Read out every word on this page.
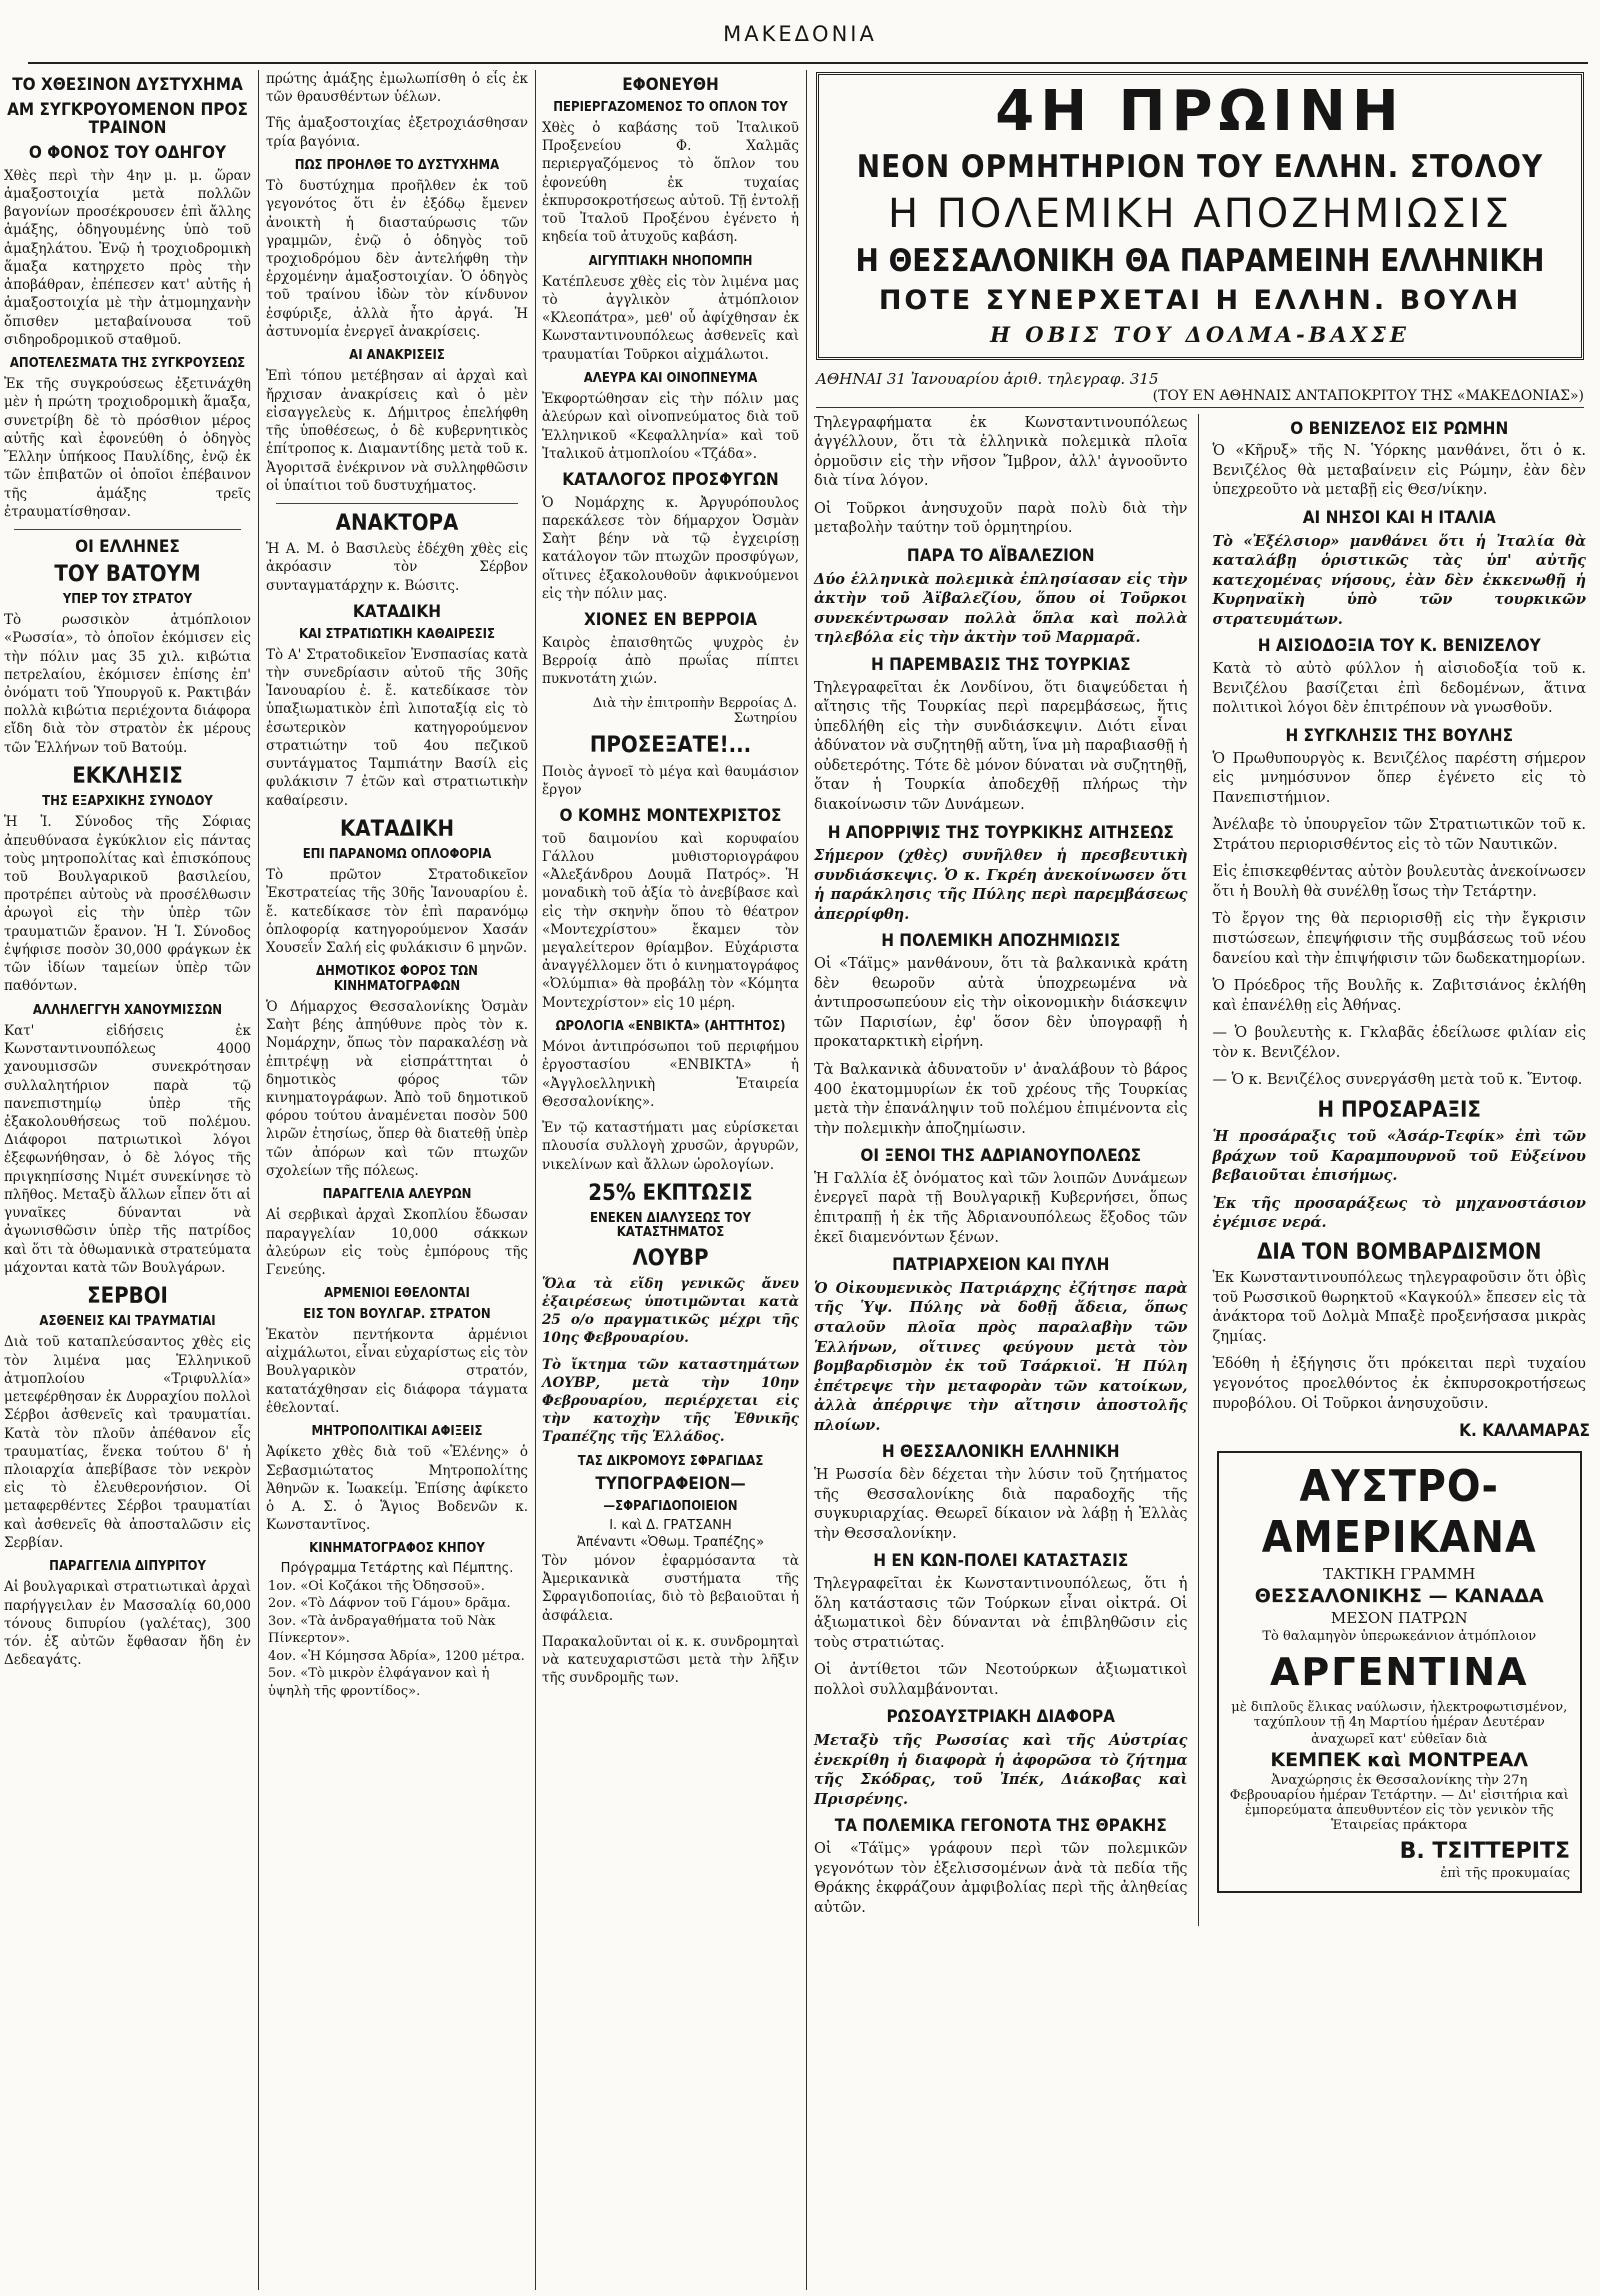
ΜΑΚΕΔΟΝΙΑ
ΤΟ ΧΘΕΣΙΝΟΝ ΔΥΣΤΥΧΗΜΑ
ΑΜ ΣΥΓΚΡΟΥΟΜΕΝΟΝ ΠΡΟΣ ΤΡΑΙΝΟΝ
Ο ΦΟΝΟΣ ΤΟΥ ΟΔΗΓΟΥ

Χθὲς περὶ τὴν 4ην μ. μ. ὥραν ἁμαξοστοιχία μετὰ πολλῶν βαγονίων προσέκρουσεν ἐπὶ ἄλλης ἁμάξης, ὁδηγουμένης ὑπὸ τοῦ ἁμαξηλάτου. Ἐνῷ ἡ τροχιοδρομικὴ ἅμαξα κατηρχετο πρὸς τὴν ἀποβάθραν, ἐπέπεσεν κατ' αὐτῆς ἡ ἁμαξοστοιχία μὲ τὴν ἀτμομηχανὴν ὄπισθεν μεταβαίνουσα τοῦ σιδηροδρομικοῦ σταθμοῦ.

ΑΠΟΤΕΛΕΣΜΑΤΑ ΤΗΣ ΣΥΓΚΡΟΥΣΕΩΣ

Ἐκ τῆς συγκρούσεως ἐξετινάχθη μὲν ἡ πρώτη τροχιοδρομικὴ ἅμαξα, συνετρίβη δὲ τὸ πρόσθιον μέρος αὐτῆς καὶ ἐφονεύθη ὁ ὁδηγὸς Ἕλλην ὑπήκοος Παυλίδης, ἐνῷ ἐκ τῶν ἐπιβατῶν οἱ ὁποῖοι ἐπέβαινον τῆς ἁμάξης τρεῖς ἐτραυματίσθησαν.

ΟΙ ΕΛΛΗΝΕΣ
ΤΟΥ ΒΑΤΟΥΜ
ΥΠΕΡ ΤΟΥ ΣΤΡΑΤΟΥ

Τὸ ρωσσικὸν ἀτμόπλοιον «Ρωσσία», τὸ ὁποῖον ἐκόμισεν εἰς τὴν πόλιν μας 35 χιλ. κιβώτια πετρελαίου, ἐκόμισεν ἐπίσης ἐπ' ὀνόματι τοῦ Ὑπουργοῦ κ. Ρακτιβάν πολλὰ κιβώτια περιέχοντα διάφορα εἴδη διὰ τὸν στρατὸν ἐκ μέρους τῶν Ἑλλήνων τοῦ Βατούμ.

ΕΚΚΛΗΣΙΣ
ΤΗΣ ΕΞΑΡΧΙΚΗΣ ΣΥΝΟΔΟΥ

Ἡ Ἱ. Σύνοδος τῆς Σόφιας ἀπευθύνασα ἐγκύκλιον εἰς πάντας τοὺς μητροπολίτας καὶ ἐπισκόπους τοῦ Βουλγαρικοῦ βασιλείου, προτρέπει αὐτοὺς νὰ προσέλθωσιν ἀρωγοὶ εἰς τὴν ὑπὲρ τῶν τραυματιῶν ἔρανον. Ἡ Ἱ. Σύνοδος ἐψήφισε ποσὸν 30,000 φράγκων ἐκ τῶν ἰδίων ταμείων ὑπὲρ τῶν παθόντων.

ΑΛΛΗΛΕΓΓΥΗ ΧΑΝΟΥΜΙΣΣΩΝ

Κατ' εἰδήσεις ἐκ Κωνσταντινουπόλεως 4000 χανουμισσῶν συνεκρότησαν συλλαλητήριον παρὰ τῷ πανεπιστημίῳ ὑπὲρ τῆς ἐξακολουθήσεως τοῦ πολέμου. Διάφοροι πατριωτικοὶ λόγοι ἐξεφωνήθησαν, ὁ δὲ λόγος τῆς πριγκηπίσσης Νιμέτ συνεκίνησε τὸ πλῆθος. Μεταξὺ ἄλλων εἶπεν ὅτι αἱ γυναῖκες δύνανται νὰ ἀγωνισθῶσιν ὑπὲρ τῆς πατρίδος καὶ ὅτι τὰ ὀθωμανικὰ στρατεύματα μάχονται κατὰ τῶν Βουλγάρων.

ΣΕΡΒΟΙ
ΑΣΘΕΝΕΙΣ ΚΑΙ ΤΡΑΥΜΑΤΙΑΙ

Διὰ τοῦ καταπλεύσαντος χθὲς εἰς τὸν λιμένα μας Ἑλληνικοῦ ἀτμοπλοίου «Τριφυλλία» μετεφέρθησαν ἐκ Δυρραχίου πολλοὶ Σέρβοι ἀσθενεῖς καὶ τραυματίαι. Κατὰ τὸν πλοῦν ἀπέθανον εἷς τραυματίας, ἕνεκα τούτου δ' ἡ πλοιαρχία ἀπεβίβασε τὸν νεκρὸν εἰς τὸ ἐλευθερονήσιον. Οἱ μεταφερθέντες Σέρβοι τραυματίαι καὶ ἀσθενεῖς θὰ ἀποσταλῶσιν εἰς Σερβίαν.

ΠΑΡΑΓΓΕΛΙΑ ΔΙΠΥΡΙΤΟΥ

Αἱ βουλγαρικαὶ στρατιωτικαὶ ἀρχαὶ παρήγγειλαν ἐν Μασσαλίᾳ 60,000 τόνους διπυρίου (γαλέτας), 300 τόν. ἐξ αὐτῶν ἔφθασαν ἤδη ἐν Δεδεαγάτς.

πρώτης ἁμάξης ἐμωλωπίσθη ὁ εἷς ἐκ τῶν θραυσθέντων ὑέλων.

Τῆς ἁμαξοστοιχίας ἐξετροχιάσθησαν τρία βαγόνια.

ΠΩΣ ΠΡΟΗΛΘΕ ΤΟ ΔΥΣΤΥΧΗΜΑ

Τὸ δυστύχημα προῆλθεν ἐκ τοῦ γεγονότος ὅτι ἐν ἐξόδῳ ἔμενεν ἀνοικτὴ ἡ διασταύρωσις τῶν γραμμῶν, ἐνῷ ὁ ὁδηγὸς τοῦ τροχιοδρόμου δὲν ἀντελήφθη τὴν ἐρχομένην ἁμαξοστοιχίαν. Ὁ ὁδηγὸς τοῦ τραίνου ἰδὼν τὸν κίνδυνον ἐσφύριξε, ἀλλὰ ἦτο ἀργά. Ἡ ἀστυνομία ἐνεργεῖ ἀνακρίσεις.

ΑΙ ΑΝΑΚΡΙΣΕΙΣ

Ἐπὶ τόπου μετέβησαν αἱ ἀρχαὶ καὶ ἤρχισαν ἀνακρίσεις καὶ ὁ μὲν εἰσαγγελεὺς κ. Δήμιτρος ἐπελήφθη τῆς ὑποθέσεως, ὁ δὲ κυβερνητικὸς ἐπίτροπος κ. Διαμαντίδης μετὰ τοῦ κ. Ἀγοριτσᾶ ἐνέκρινον νὰ συλληφθῶσιν οἱ ὑπαίτιοι τοῦ δυστυχήματος.

ΑΝΑΚΤΟΡΑ

Ἡ Α. Μ. ὁ Βασιλεὺς ἐδέχθη χθὲς εἰς ἀκρόασιν τὸν Σέρβον συνταγματάρχην κ. Βώσιτς.

ΚΑΤΑΔΙΚΗ
ΚΑΙ ΣΤΡΑΤΙΩΤΙΚΗ ΚΑΘΑΙΡΕΣΙΣ

Τὸ Α' Στρατοδικεῖον Ἐνσπασίας κατὰ τὴν συνεδρίασιν αὐτοῦ τῆς 30ῆς Ἰανουαρίου ἐ. ἔ. κατεδίκασε τὸν ὑπαξιωματικὸν ἐπὶ λιποταξίᾳ εἰς τὸ ἐσωτερικὸν κατηγορούμενον στρατιώτην τοῦ 4ου πεζικοῦ συντάγματος Ταμπιάτην Βασίλ εἰς φυλάκισιν 7 ἐτῶν καὶ στρατιωτικὴν καθαίρεσιν.

ΚΑΤΑΔΙΚΗ
ΕΠΙ ΠΑΡΑΝΟΜΩ ΟΠΛΟΦΟΡΙΑ

Τὸ πρῶτον Στρατοδικεῖον Ἐκστρατείας τῆς 30ῆς Ἰανουαρίου ἐ. ἔ. κατεδίκασε τὸν ἐπὶ παρανόμῳ ὁπλοφορίᾳ κατηγορούμενον Χασάν Χουσεΐν Σαλή εἰς φυλάκισιν 6 μηνῶν.

ΔΗΜΟΤΙΚΟΣ ΦΟΡΟΣ ΤΩΝ ΚΙΝΗΜΑΤΟΓΡΑΦΩΝ

Ὁ Δήμαρχος Θεσσαλονίκης Ὀσμὰν Σαὴτ βέης ἀπηύθυνε πρὸς τὸν κ. Νομάρχην, ὅπως τὸν παρακαλέσῃ νὰ ἐπιτρέψῃ νὰ εἰσπράττηται ὁ δημοτικὸς φόρος τῶν κινηματογράφων. Ἀπὸ τοῦ δημοτικοῦ φόρου τούτου ἀναμένεται ποσὸν 500 λιρῶν ἐτησίως, ὅπερ θὰ διατεθῇ ὑπὲρ τῶν ἀπόρων καὶ τῶν πτωχῶν σχολείων τῆς πόλεως.

ΠΑΡΑΓΓΕΛΙΑ ΑΛΕΥΡΩΝ

Αἱ σερβικαὶ ἀρχαὶ Σκοπλίου ἔδωσαν παραγγελίαν 10,000 σάκκων ἀλεύρων εἰς τοὺς ἐμπόρους τῆς Γενεύης.

ΑΡΜΕΝΙΟΙ ΕΘΕΛΟΝΤΑΙ
ΕΙΣ ΤΟΝ ΒΟΥΛΓΑΡ. ΣΤΡΑΤΟΝ

Ἑκατὸν πεντήκοντα ἀρμένιοι αἰχμάλωτοι, εἶναι εὐχαρίστως εἰς τὸν Βουλγαρικὸν στρατόν, κατατάχθησαν εἰς διάφορα τάγματα ἐθελονταί.

ΜΗΤΡΟΠΟΛΙΤΙΚΑΙ ΑΦΙΞΕΙΣ

Ἀφίκετο χθὲς διὰ τοῦ «Ἑλένης» ὁ Σεβασμιώτατος Μητροπολίτης Ἀθηνῶν κ. Ἰωακείμ. Ἐπίσης ἀφίκετο ὁ Α. Σ. ὁ Ἅγιος Βοδενῶν κ. Κωνσταντῖνος.

ΚΙΝΗΜΑΤΟΓΡΑΦΟΣ ΚΗΠΟΥ
Πρόγραμμα Τετάρτης καὶ Πέμπτης.
1ον. «Οἱ Κοζάκοι τῆς Ὀδησσοῦ».
2ον. «Τὸ Δάφνον τοῦ Γάμου» δρᾶμα.
3ον. «Τὰ ἀνδραγαθήματα τοῦ Νὰκ Πίνκερτον».
4ον. «Ἡ Κόμησσα Ἀδρία», 1200 μέτρα.
5ον. «Τὸ μικρὸν ἐλφάγανον καὶ ἡ ὑψηλὴ τῆς φροντίδος».
ΕΦΟΝΕΥΘΗ
ΠΕΡΙΕΡΓΑΖΟΜΕΝΟΣ ΤΟ ΟΠΛΟΝ ΤΟΥ

Χθὲς ὁ καβάσης τοῦ Ἰταλικοῦ Προξενείου Φ. Χαλμᾶς περιεργαζόμενος τὸ ὅπλον του ἐφονεύθη ἐκ τυχαίας ἐκπυρσοκροτήσεως αὐτοῦ. Τῇ ἐντολῇ τοῦ Ἰταλοῦ Προξένου ἐγένετο ἡ κηδεία τοῦ ἀτυχοῦς καβάση.

ΑΙΓΥΠΤΙΑΚΗ ΝΗΟΠΟΜΠΗ

Κατέπλευσε χθὲς εἰς τὸν λιμένα μας τὸ ἀγγλικὸν ἀτμόπλοιον «Κλεοπάτρα», μεθ' οὗ ἀφίχθησαν ἐκ Κωνσταντινουπόλεως ἀσθενεῖς καὶ τραυματίαι Τοῦρκοι αἰχμάλωτοι.

ΑΛΕΥΡΑ ΚΑΙ ΟΙΝΟΠΝΕΥΜΑ

Ἐκφορτώθησαν εἰς τὴν πόλιν μας ἀλεύρων καὶ οἰνοπνεύματος διὰ τοῦ Ἑλληνικοῦ «Κεφαλληνία» καὶ τοῦ Ἰταλικοῦ ἀτμοπλοίου «Τζάδα».

ΚΑΤΑΛΟΓΟΣ ΠΡΟΣΦΥΓΩΝ

Ὁ Νομάρχης κ. Ἀργυρόπουλος παρεκάλεσε τὸν δήμαρχον Ὀσμὰν Σαὴτ βέην νὰ τῷ ἐγχειρίσῃ κατάλογον τῶν πτωχῶν προσφύγων, οἵτινες ἐξακολουθοῦν ἀφικνούμενοι εἰς τὴν πόλιν μας.

ΧΙΟΝΕΣ ΕΝ ΒΕΡΡΟΙΑ

Καιρὸς ἐπαισθητῶς ψυχρὸς ἐν Βερροίᾳ ἀπὸ πρωΐας πίπτει πυκνοτάτη χιών.

Διὰ τὴν ἐπιτροπὴν Βερροίας Δ. Σωτηρίου
ΠΡΟΣΕΞΑΤΕ!...

Ποιὸς ἀγνοεῖ τὸ μέγα καὶ θαυμάσιον ἔργον

Ο ΚΟΜΗΣ ΜΟΝΤΕΧΡΙΣΤΟΣ

τοῦ δαιμονίου καὶ κορυφαίου Γάλλου μυθιστοριογράφου «Ἀλεξάνδρου Δουμᾶ Πατρός». Ἡ μοναδικὴ τοῦ ἀξία τὸ ἀνεβίβασε καὶ εἰς τὴν σκηνὴν ὅπου τὸ θέατρον «Μοντεχρίστου» ἔκαμεν τὸν μεγαλείτερον θρίαμβον. Εὐχάριστα ἀναγγέλλομεν ὅτι ὁ κινηματογράφος «Ὀλύμπια» θὰ προβάλῃ τὸν «Κόμητα Μοντεχρίστον» εἰς 10 μέρη.

ΩΡΟΛΟΓΙΑ «ΕΝΒΙΚΤΑ» (ΑΗΤΤΗΤΟΣ)

Μόνοι ἀντιπρόσωποι τοῦ περιφήμου ἐργοστασίου «ΕΝΒΙΚΤΑ» ἡ «Ἀγγλοελληνικὴ Ἑταιρεία Θεσσαλονίκης».

Ἐν τῷ καταστήματι μας εὑρίσκεται πλουσία συλλογὴ χρυσῶν, ἀργυρῶν, νικελίνων καὶ ἄλλων ὡρολογίων.

25% ΕΚΠΤΩΣΙΣ
ΕΝΕΚΕΝ ΔΙΑΛΥΣΕΩΣ ΤΟΥ ΚΑΤΑΣΤΗΜΑΤΟΣ
ΛΟΥΒΡ

Ὅλα τὰ εἴδη γενικῶς ἄνευ ἐξαιρέσεως ὑποτιμῶνται κατὰ 25 ο/ο πραγματικῶς μέχρι τῆς 10ης Φεβρουαρίου.

Τὸ ἴκτημα τῶν καταστημάτων ΛΟΥΒΡ, μετὰ τὴν 10ην Φεβρουαρίου, περιέρχεται εἰς τὴν κατοχὴν τῆς Ἐθνικῆς Τραπέζης τῆς Ἑλλάδος.

ΤΑΣ ΔΙΚΡΟΜΟΥΣ ΣΦΡΑΓΙΔΑΣ
ΤΥΠΟΓΡΑΦΕΙΟΝ—
—ΣΦΡΑΓΙΔΟΠΟΙΕΙΟΝ
Ι. καὶ Δ. ΓΡΑΤΣΑΝΗ
Ἀπέναντι «Ὀθωμ. Τραπέζης»

Τὸν μόνον ἐφαρμόσαντα τὰ Ἀμερικανικὰ συστήματα τῆς Σφραγιδοποιίας, διὸ τὸ βεβαιοῦται ἡ ἀσφάλεια.

Παρακαλοῦνται οἱ κ. κ. συνδρομηταὶ νὰ κατευχαριστῶσι μετὰ τὴν λῆξιν τῆς συνδρομῆς των.

4Η ΠΡΩΙΝΗ
ΝΕΟΝ ΟΡΜΗΤΗΡΙΟΝ ΤΟΥ ΕΛΛΗΝ. ΣΤΟΛΟΥ
Η ΠΟΛΕΜΙΚΗ ΑΠΟΖΗΜΙΩΣΙΣ
Η ΘΕΣΣΑΛΟΝΙΚΗ ΘΑ ΠΑΡΑΜΕΙΝΗ ΕΛΛΗΝΙΚΗ
ΠΟΤΕ ΣΥΝΕΡΧΕΤΑΙ Η ΕΛΛΗΝ. ΒΟΥΛΗ
Η ΟΒΙΣ ΤΟΥ ΔΟΛΜΑ-ΒΑΧΣΕ
ΑΘΗΝΑΙ 31 Ἰανουαρίου ἀριθ. τηλεγραφ. 315
(ΤΟΥ ΕΝ ΑΘΗΝΑΙΣ ΑΝΤΑΠΟΚΡΙΤΟΥ ΤΗΣ «ΜΑΚΕΔΟΝΙΑΣ»)

Τηλεγραφήματα ἐκ Κωνσταντινουπόλεως ἀγγέλλουν, ὅτι τὰ ἑλληνικὰ πολεμικὰ πλοῖα ὁρμοῦσιν εἰς τὴν νῆσον Ἴμβρον, ἀλλ' ἀγνοοῦντο διὰ τίνα λόγον.

Οἱ Τοῦρκοι ἀνησυχοῦν παρὰ πολὺ διὰ τὴν μεταβολὴν ταύτην τοῦ ὁρμητηρίου.

ΠΑΡΑ ΤΟ ΑΪΒΑΛΕΖΙΟΝ

Δύο ἑλληνικὰ πολεμικὰ ἐπλησίασαν εἰς τὴν ἀκτὴν τοῦ Ἀϊβαλεζίου, ὅπου οἱ Τοῦρκοι συνεκέντρωσαν πολλὰ ὅπλα καὶ πολλὰ τηλεβόλα εἰς τὴν ἀκτὴν τοῦ Μαρμαρᾶ.

Η ΠΑΡΕΜΒΑΣΙΣ ΤΗΣ ΤΟΥΡΚΙΑΣ

Τηλεγραφεῖται ἐκ Λονδίνου, ὅτι διαψεύδεται ἡ αἴτησις τῆς Τουρκίας περὶ παρεμβάσεως, ἥτις ὑπεδλήθη εἰς τὴν συνδιάσκεψιν. Διότι εἶναι ἀδύνατον νὰ συζητηθῇ αὕτη, ἵνα μὴ παραβιασθῇ ἡ οὐδετερότης. Τότε δὲ μόνον δύναται νὰ συζητηθῇ, ὅταν ἡ Τουρκία ἀποδεχθῇ πλήρως τὴν διακοίνωσιν τῶν Δυνάμεων.

Η ΑΠΟΡΡΙΨΙΣ ΤΗΣ ΤΟΥΡΚΙΚΗΣ ΑΙΤΗΣΕΩΣ

Σήμερον (χθὲς) συνῆλθεν ἡ πρεσβευτικὴ συνδιάσκεψις. Ὁ κ. Γκρέη ἀνεκοίνωσεν ὅτι ἡ παράκλησις τῆς Πύλης περὶ παρεμβάσεως ἀπερρίφθη.

Η ΠΟΛΕΜΙΚΗ ΑΠΟΖΗΜΙΩΣΙΣ

Οἱ «Τάϊμς» μανθάνουν, ὅτι τὰ βαλκανικὰ κράτη δὲν θεωροῦν αὐτὰ ὑποχρεωμένα νὰ ἀντιπροσωπεύουν εἰς τὴν οἰκονομικὴν διάσκεψιν τῶν Παρισίων, ἐφ' ὅσον δὲν ὑπογραφῇ ἡ προκαταρκτικὴ εἰρήνη.

Τὰ Βαλκανικὰ ἀδυνατοῦν ν' ἀναλάβουν τὸ βάρος 400 ἑκατομμυρίων ἐκ τοῦ χρέους τῆς Τουρκίας μετὰ τὴν ἐπανάληψιν τοῦ πολέμου ἐπιμένοντα εἰς τὴν πολεμικὴν ἀποζημίωσιν.

ΟΙ ΞΕΝΟΙ ΤΗΣ ΑΔΡΙΑΝΟΥΠΟΛΕΩΣ

Ἡ Γαλλία ἐξ ὀνόματος καὶ τῶν λοιπῶν Δυνάμεων ἐνεργεῖ παρὰ τῇ Βουλγαρικῇ Κυβερνήσει, ὅπως ἐπιτραπῇ ἡ ἐκ τῆς Ἀδριανουπόλεως ἔξοδος τῶν ἐκεῖ διαμενόντων ξένων.

ΠΑΤΡΙΑΡΧΕΙΟΝ ΚΑΙ ΠΥΛΗ

Ὁ Οἰκουμενικὸς Πατριάρχης ἐζήτησε παρὰ τῆς Ὑψ. Πύλης νὰ δοθῇ ἄδεια, ὅπως σταλοῦν πλοῖα πρὸς παραλαβὴν τῶν Ἑλλήνων, οἵτινες φεύγουν μετὰ τὸν βομβαρδισμὸν ἐκ τοῦ Τσάρκιοϊ. Ἡ Πύλη ἐπέτρεψε τὴν μεταφορὰν τῶν κατοίκων, ἀλλὰ ἀπέρριψε τὴν αἴτησιν ἀποστολῆς πλοίων.

Η ΘΕΣΣΑΛΟΝΙΚΗ ΕΛΛΗΝΙΚΗ

Ἡ Ρωσσία δὲν δέχεται τὴν λύσιν τοῦ ζητήματος τῆς Θεσσαλονίκης διὰ παραδοχῆς τῆς συγκυριαρχίας. Θεωρεῖ δίκαιον νὰ λάβῃ ἡ Ἑλλὰς τὴν Θεσσαλονίκην.

Η ΕΝ ΚΩΝ-ΠΟΛΕΙ ΚΑΤΑΣΤΑΣΙΣ

Τηλεγραφεῖται ἐκ Κωνσταντινουπόλεως, ὅτι ἡ ὅλη κατάστασις τῶν Τούρκων εἶναι οἰκτρά. Οἱ ἀξιωματικοὶ δὲν δύνανται νὰ ἐπιβληθῶσιν εἰς τοὺς στρατιώτας.

Οἱ ἀντίθετοι τῶν Νεοτούρκων ἀξιωματικοὶ πολλοὶ συλλαμβάνονται.

ΡΩΣΟΑΥΣΤΡΙΑΚΗ ΔΙΑΦΟΡΑ

Μεταξὺ τῆς Ρωσσίας καὶ τῆς Αὐστρίας ἐνεκρίθη ἡ διαφορὰ ἡ ἀφορῶσα τὸ ζήτημα τῆς Σκόδρας, τοῦ Ἰπέκ, Διάκοβας καὶ Πρισρένης.

ΤΑ ΠΟΛΕΜΙΚΑ ΓΕΓΟΝΟΤΑ ΤΗΣ ΘΡΑΚΗΣ

Οἱ «Τάϊμς» γράφουν περὶ τῶν πολεμικῶν γεγονότων τὸν ἐξελισσομένων ἀνὰ τὰ πεδία τῆς Θράκης ἐκφράζουν ἀμφιβολίας περὶ τῆς ἀληθείας αὐτῶν.

Ο ΒΕΝΙΖΕΛΟΣ ΕΙΣ ΡΩΜΗΝ

Ὁ «Κῆρυξ» τῆς Ν. Ὑόρκης μανθάνει, ὅτι ὁ κ. Βενιζέλος θὰ μεταβαίνειν εἰς Ρώμην, ἐὰν δὲν ὑπεχρεοῦτο νὰ μεταβῇ εἰς Θεσ/νίκην.

ΑΙ ΝΗΣΟΙ ΚΑΙ Η ΙΤΑΛΙΑ

Τὸ «Ἐξέλσιορ» μανθάνει ὅτι ἡ Ἰταλία θὰ καταλάβῃ ὁριστικῶς τὰς ὑπ' αὐτῆς κατεχομένας νήσους, ἐὰν δὲν ἐκκενωθῇ ἡ Κυρηναϊκὴ ὑπὸ τῶν τουρκικῶν στρατευμάτων.

Η ΑΙΣΙΟΔΟΞΙΑ ΤΟΥ Κ. ΒΕΝΙΖΕΛΟΥ

Κατὰ τὸ αὐτὸ φύλλον ἡ αἰσιοδοξία τοῦ κ. Βενιζέλου βασίζεται ἐπὶ δεδομένων, ἅτινα πολιτικοὶ λόγοι δὲν ἐπιτρέπουν νὰ γνωσθοῦν.

Η ΣΥΓΚΛΗΣΙΣ ΤΗΣ ΒΟΥΛΗΣ

Ὁ Πρωθυπουργὸς κ. Βενιζέλος παρέστη σήμερον εἰς μνημόσυνον ὅπερ ἐγένετο εἰς τὸ Πανεπιστήμιον.

Ἀνέλαβε τὸ ὑπουργεῖον τῶν Στρατιωτικῶν τοῦ κ. Στράτου περιορισθέντος εἰς τὸ τῶν Ναυτικῶν.

Εἰς ἐπισκεφθέντας αὐτὸν βουλευτὰς ἀνεκοίνωσεν ὅτι ἡ Βουλὴ θὰ συνέλθῃ ἴσως τὴν Τετάρτην.

Τὸ ἔργον της θὰ περιορισθῇ εἰς τὴν ἔγκρισιν πιστώσεων, ἐπεψήφισιν τῆς συμβάσεως τοῦ νέου δανείου καὶ τὴν ἐπιψήφισιν τῶν δωδεκατημορίων.

Ὁ Πρόεδρος τῆς Βουλῆς κ. Ζαβιτσιάνος ἐκλήθη καὶ ἐπανέλθῃ εἰς Ἀθήνας.

— Ὁ βουλευτὴς κ. Γκλαβᾶς ἐδείλωσε φιλίαν εἰς τὸν κ. Βενιζέλον.

— Ὁ κ. Βενιζέλος συνεργάσθη μετὰ τοῦ κ. Ἔντοφ.

Η ΠΡΟΣΑΡΑΞΙΣ

Ἡ προσάραξις τοῦ «Ἀσάρ-Τεφίκ» ἐπὶ τῶν βράχων τοῦ Καραμπουρνοῦ τοῦ Εὐξείνου βεβαιοῦται ἐπισήμως.

Ἐκ τῆς προσαράξεως τὸ μηχανοστάσιον ἐγέμισε νερά.

ΔΙΑ ΤΟΝ ΒΟΜΒΑΡΔΙΣΜΟΝ

Ἐκ Κωνσταντινουπόλεως τηλεγραφοῦσιν ὅτι ὀβὶς τοῦ Ρωσσικοῦ θωρηκτοῦ «Καγκούλ» ἔπεσεν εἰς τὰ ἀνάκτορα τοῦ Δολμὰ Μπαξὲ προξενήσασα μικρὰς ζημίας.

Ἐδόθη ἡ ἐξήγησις ὅτι πρόκειται περὶ τυχαίου γεγονότος προελθόντος ἐκ ἐκπυρσοκροτήσεως πυροβόλου. Οἱ Τοῦρκοι ἀνησυχοῦσιν.

Κ. ΚΑΛΑΜΑΡΑΣ
ΑΥΣΤΡΟ-ΑΜΕΡΙΚΑΝΑ
ΤΑΚΤΙΚΗ ΓΡΑΜΜΗ
ΘΕΣΣΑΛΟΝΙΚΗΣ — ΚΑΝΑΔΑ
ΜΕΣΟΝ ΠΑΤΡΩΝ
Τὸ θαλαμηγὸν ὑπερωκεάνιον ἀτμόπλοιον
ΑΡΓΕΝΤΙΝΑ
μὲ διπλοῦς ἕλικας ναύλωσιν, ἠλεκτροφωτισμένον, ταχύπλουν τῇ 4η Μαρτίου ἡμέραν Δευτέραν
ἀναχωρεῖ κατ' εὐθεῖαν διὰ
ΚΕΜΠΕΚ καὶ ΜΟΝΤΡΕΑΛ
Ἀναχώρησις ἐκ Θεσσαλονίκης τὴν 27η Φεβρουαρίου ἡμέραν Τετάρτην. — Δι' εἰσιτήρια καὶ ἐμπορεύματα ἀπευθυντέον εἰς τὸν γενικὸν τῆς Ἑταιρείας πράκτορα
Β. ΤΣΙΤΤΕΡΙΤΣ
ἐπὶ τῆς προκυμαίας
